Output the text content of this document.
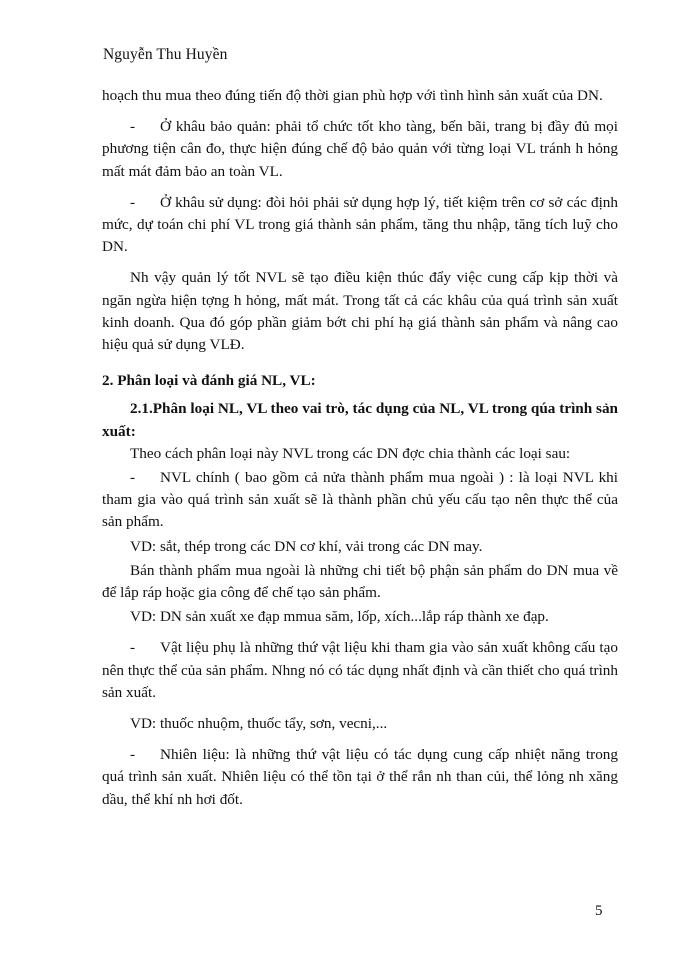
Nguyễn Thu Huyền

hoạch thu mua theo đúng tiến độ thời gian phù hợp với tình hình sản xuất của DN.

- Ở khâu bảo quản: phải tổ chức tốt kho tàng, bến bãi, trang bị đầy đủ mọi phương tiện cân đo, thực hiện đúng chế độ bảo quản với từng loại VL tránh h hỏng mất mát đảm bảo an toàn VL.

- Ở khâu sử dụng: đòi hỏi phải sử dụng hợp lý, tiết kiệm trên cơ sở các định mức, dự toán chi phí VL trong giá thành sản phẩm, tăng thu nhập, tăng tích luỹ cho DN.

Nh vậy quản lý tốt NVL sẽ tạo điều kiện thúc đẩy việc cung cấp kịp thời và ngăn ngừa hiện tợng h hỏng, mất mát. Trong tất cả các khâu của quá trình sản xuất kinh doanh. Qua đó góp phần giảm bớt chi phí hạ giá thành sản phẩm và nâng cao hiệu quả sử dụng VLĐ.

2. Phân loại và đánh giá NL, VL:

2.1.Phân loại NL, VL theo vai trò, tác dụng của NL, VL trong qúa trình sản xuất:

Theo cách phân loại này NVL trong các DN đợc chia thành các loại sau:

- NVL chính ( bao gồm cả nửa thành phẩm mua ngoài ) : là loại NVL khi tham gia vào quá trình sản xuất sẽ là thành phần chủ yếu cấu tạo nên thực thể của sản phẩm.

VD: sắt, thép trong các DN cơ khí, vải trong các DN may.

Bán thành phẩm mua ngoài là những chi tiết bộ phận sản phẩm do DN mua về để lắp ráp hoặc gia công để chế tạo sản phẩm.

VD: DN sản xuất xe đạp mmua săm, lốp, xích...lắp ráp thành xe đạp.

- Vật liệu phụ là những thứ vật liệu khi tham gia vào sản xuất không cấu tạo nên thực thể của sản phẩm. Nhng nó có tác dụng nhất định và cần thiết cho quá trình sản xuất.

VD: thuốc nhuộm, thuốc tẩy, sơn, vecni,...

- Nhiên liệu: là những thứ vật liệu có tác dụng cung cấp nhiệt năng trong quá trình sản xuất. Nhiên liệu có thể tồn tại ở thể rắn nh than củi, thể lỏng nh xăng dầu, thể khí nh hơi đốt.

5
